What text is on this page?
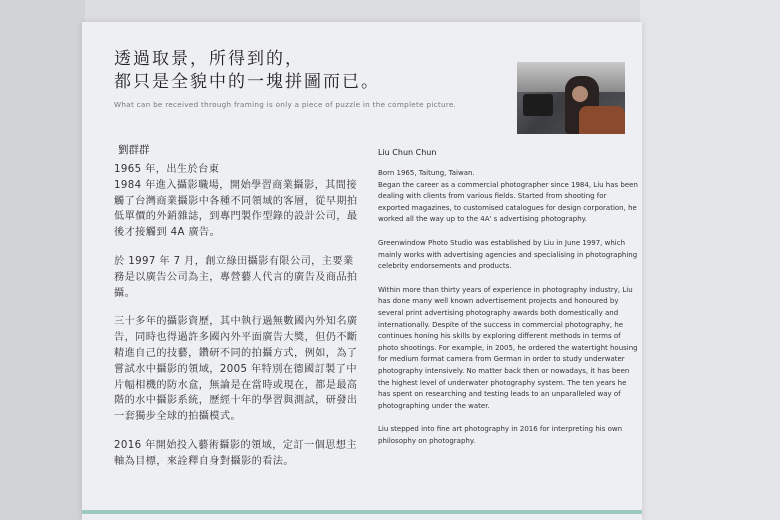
透過取景，所得到的，
都只是全貌中的一塊拼圖而已。
What can be received through framing is only a piece of puzzle in the complete picture.
劉群群	Liu Chun Chun

1965 年，出生於台東
1984 年進入攝影職場，開始學習商業攝影，其間接觸了台灣商業攝影中各種不同領域的客層，從早期拍低單價的外銷雜誌，到專門製作型錄的設計公司，最後才接觸到 4A 廣告。

於 1997 年 7 月，創立綠田攝影有限公司，主要業務是以廣告公司為主，專營藝人代言的廣告及商品拍攝。

三十多年的攝影資歷，其中執行過無數國內外知名廣告，同時也得過許多國內外平面廣告大獎，但仍不斷精進自己的技藝，鑽研不同的拍攝方式，例如，為了嘗試水中攝影的領域，2005 年特別在德國訂製了中片幅相機的防水盒，無論是在當時或現在，都是最高階的水中攝影系統，歷經十年的學習與測試，研發出一套獨步全球的拍攝模式。

2016 年開始投入藝術攝影的領域，定訂一個思想主軸為目標，來詮釋自身對攝影的看法。

Born 1965, Taitung, Taiwan.
Began the career as a commercial photographer since 1984, Liu has been dealing with clients from various fields. Started from shooting for exported magazines, to customised catalogues for design corporation, he worked all the way up to the 4A' s advertising photography.

Greenwindow Photo Studio was established by Liu in June 1997, which mainly works with advertising agencies and specialising in photographing celebrity endorsements and products.

Within more than thirty years of experience in photography industry, Liu has done many well known advertisement projects and honoured by several print advertising photography awards both domestically and internationally. Despite of the success in commercial photography, he continues honing his skills by exploring different methods in terms of photo shootings. For example, in 2005, he ordered the watertight housing for medium format camera from German in order to study underwater photography intensively. No matter back then or nowadays, it has been the highest level of underwater photography system. The ten years he has spent on researching and testing leads to an unparalleled way of photographing under the water.

Liu stepped into fine art photography in 2016 for interpreting his own philosophy on photography.
